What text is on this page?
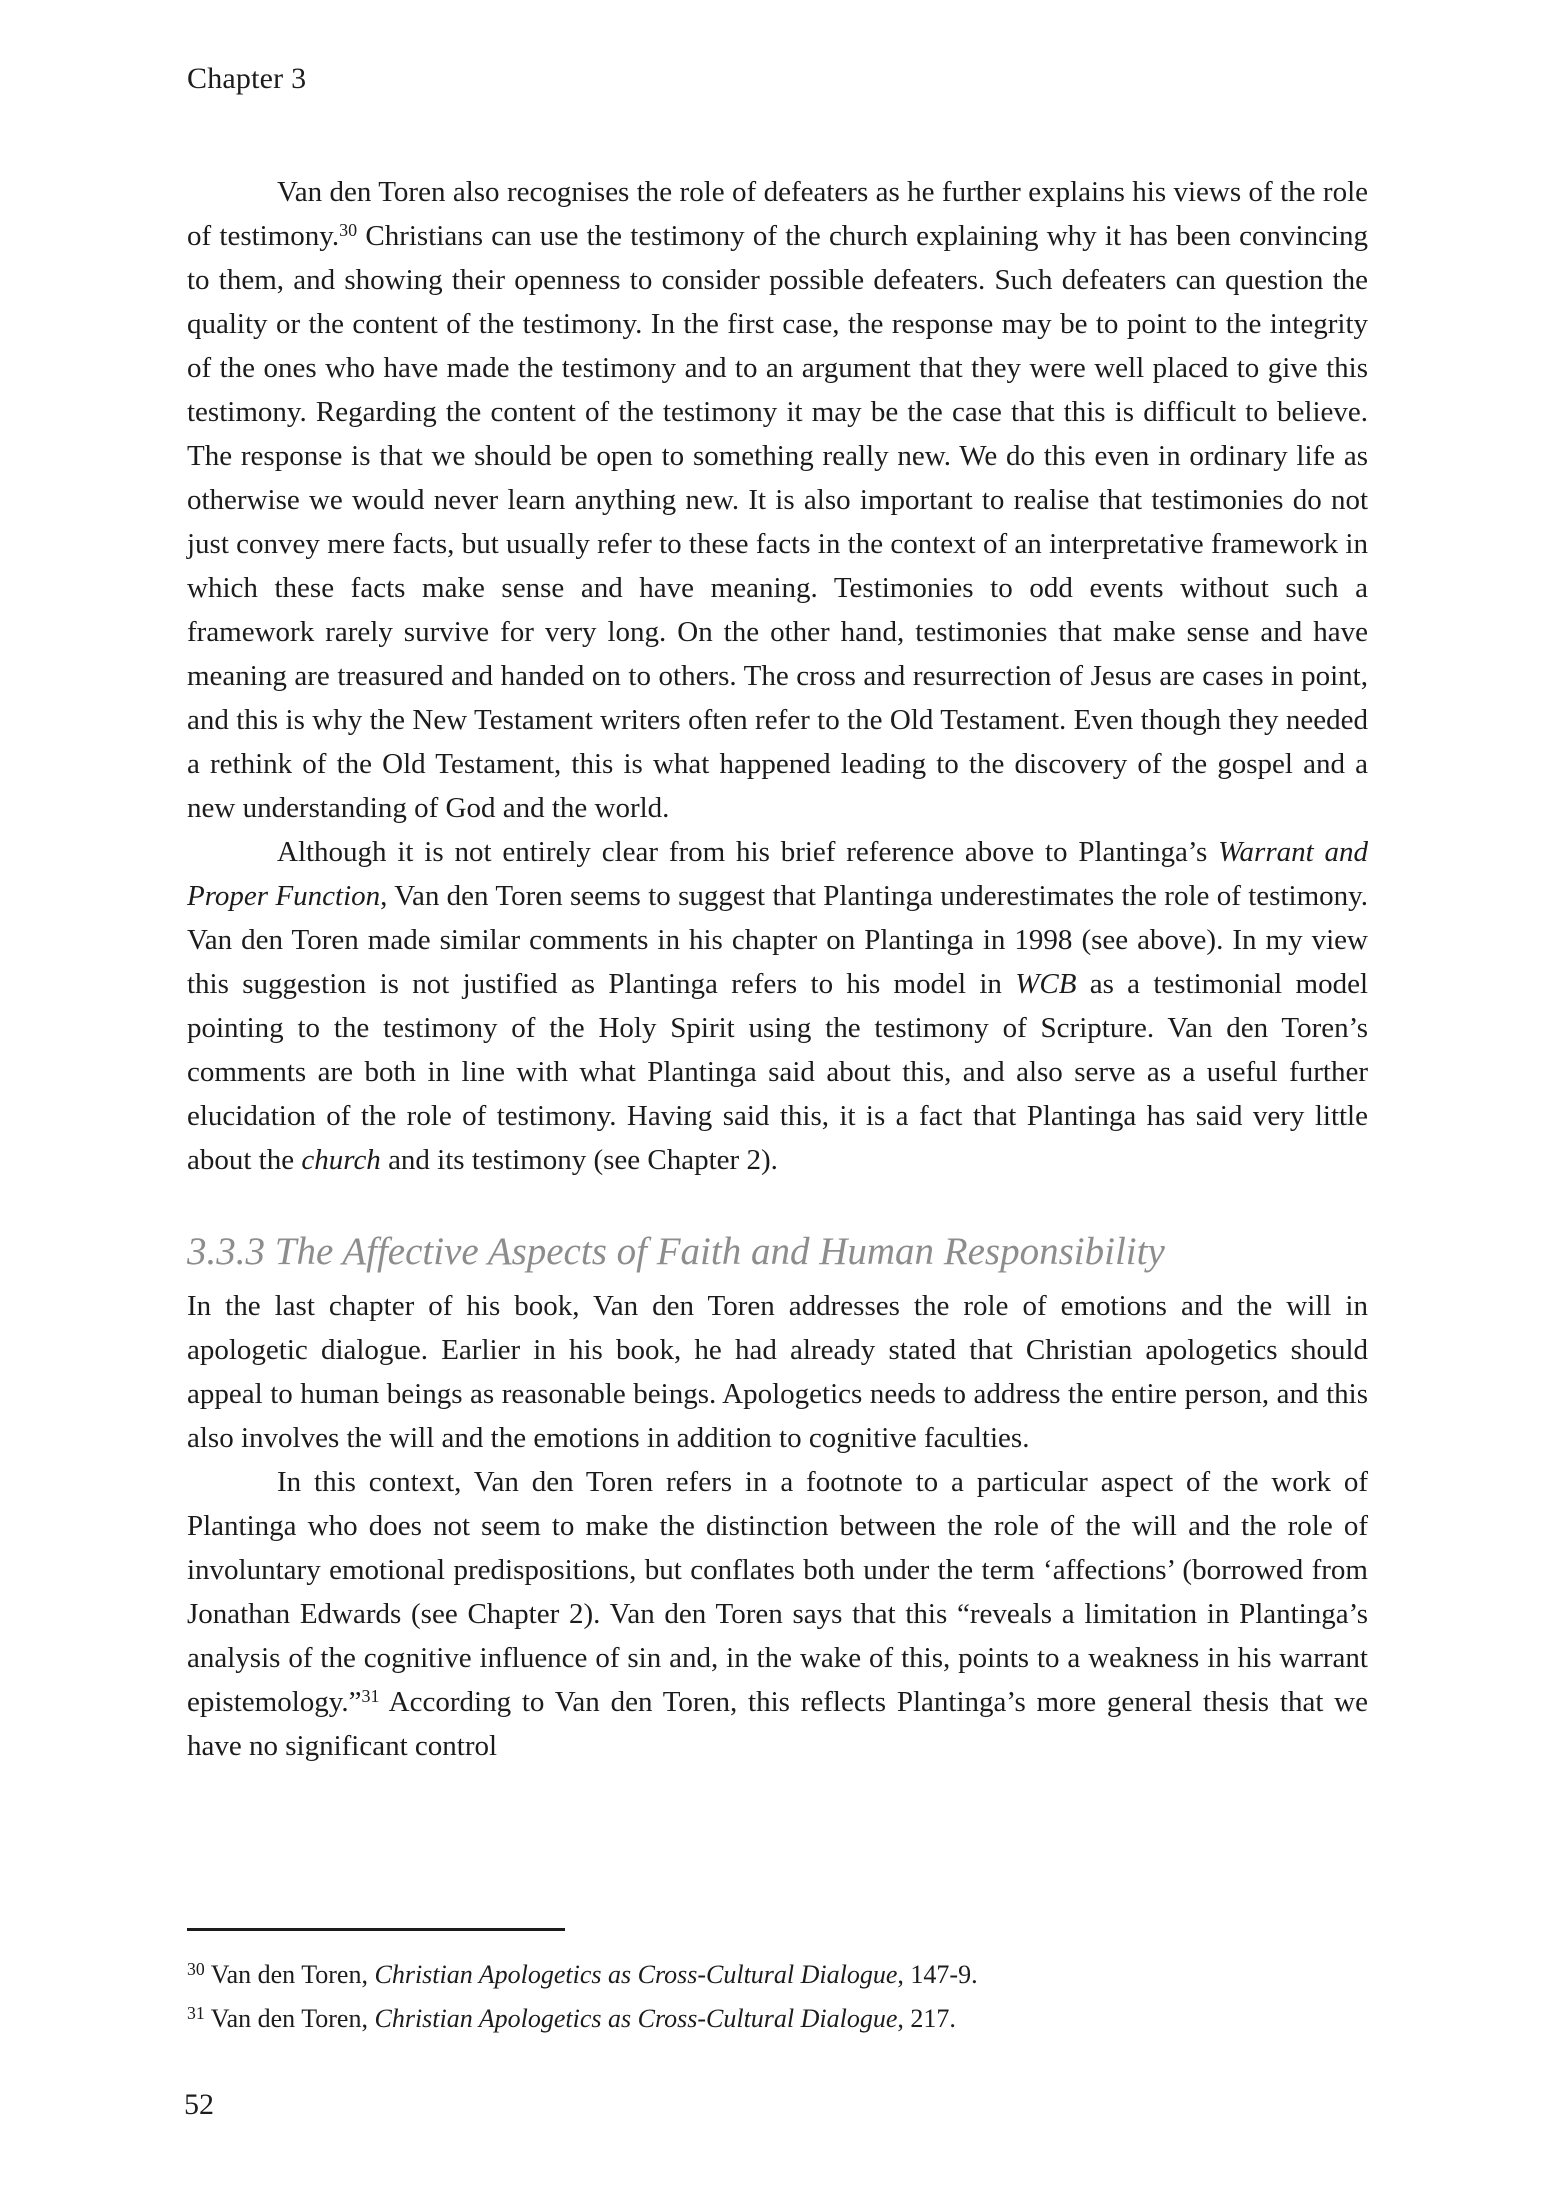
Chapter 3

Van den Toren also recognises the role of defeaters as he further explains his views of the role of testimony.$^{30}$ Christians can use the testimony of the church explaining why it has been convincing to them, and showing their openness to consider possible defeaters. Such defeaters can question the quality or the content of the testimony. In the first case, the response may be to point to the integrity of the ones who have made the testimony and to an argument that they were well placed to give this testimony. Regarding the content of the testimony it may be the case that this is difficult to believe. The response is that we should be open to something really new. We do this even in ordinary life as otherwise we would never learn anything new. It is also important to realise that testimonies do not just convey mere facts, but usually refer to these facts in the context of an interpretative framework in which these facts make sense and have meaning. Testimonies to odd events without such a framework rarely survive for very long. On the other hand, testimonies that make sense and have meaning are treasured and handed on to others. The cross and resurrection of Jesus are cases in point, and this is why the New Testament writers often refer to the Old Testament. Even though they needed a rethink of the Old Testament, this is what happened leading to the discovery of the gospel and a new understanding of God and the world.

Although it is not entirely clear from his brief reference above to Plantinga’s Warrant and Proper Function, Van den Toren seems to suggest that Plantinga underestimates the role of testimony. Van den Toren made similar comments in his chapter on Plantinga in 1998 (see above). In my view this suggestion is not justified as Plantinga refers to his model in WCB as a testimonial model pointing to the testimony of the Holy Spirit using the testimony of Scripture. Van den Toren’s comments are both in line with what Plantinga said about this, and also serve as a useful further elucidation of the role of testimony. Having said this, it is a fact that Plantinga has said very little about the church and its testimony (see Chapter 2).

3.3.3 The Affective Aspects of Faith and Human Responsibility

In the last chapter of his book, Van den Toren addresses the role of emotions and the will in apologetic dialogue. Earlier in his book, he had already stated that Christian apologetics should appeal to human beings as reasonable beings. Apologetics needs to address the entire person, and this also involves the will and the emotions in addition to cognitive faculties.

In this context, Van den Toren refers in a footnote to a particular aspect of the work of Plantinga who does not seem to make the distinction between the role of the will and the role of involuntary emotional predispositions, but conflates both under the term ‘affections’ (borrowed from Jonathan Edwards (see Chapter 2). Van den Toren says that this “reveals a limitation in Plantinga’s analysis of the cognitive influence of sin and, in the wake of this, points to a weakness in his warrant epistemology.”$^{31}$ According to Van den Toren, this reflects Plantinga’s more general thesis that we have no significant control

$^{30}$ Van den Toren, Christian Apologetics as Cross-Cultural Dialogue, 147-9.

$^{31}$ Van den Toren, Christian Apologetics as Cross-Cultural Dialogue, 217.

52
